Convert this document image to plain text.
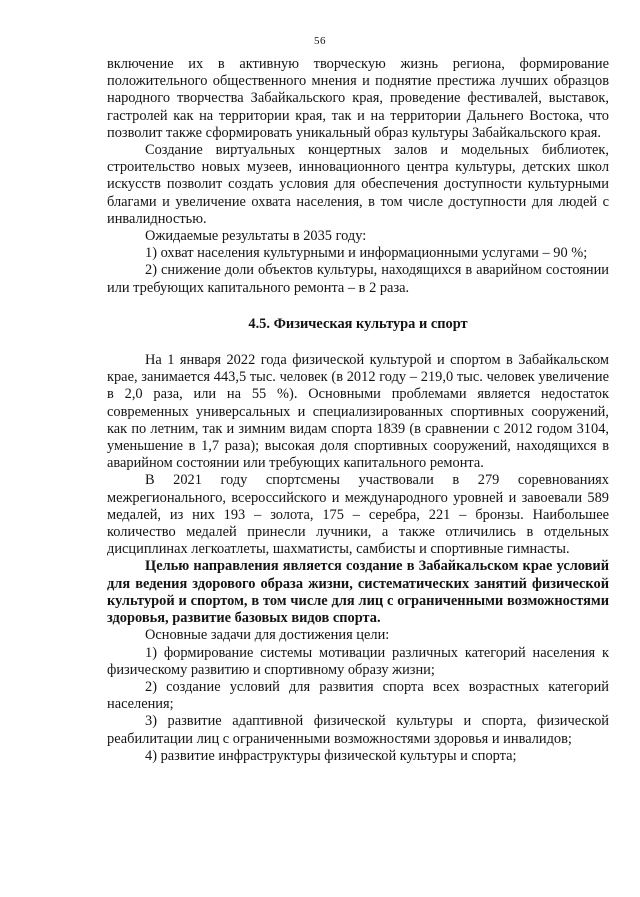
56

включение их в активную творческую жизнь региона, формирование положительного общественного мнения и поднятие престижа лучших образцов народного творчества Забайкальского края, проведение фестивалей, выставок, гастролей как на территории края, так и на территории Дальнего Востока, что позволит также сформировать уникальный образ культуры Забайкальского края.

Создание виртуальных концертных залов и модельных библиотек, строительство новых музеев, инновационного центра культуры, детских школ искусств позволит создать условия для обеспечения доступности культурными благами и увеличение охвата населения, в том числе доступности для людей с инвалидностью.

Ожидаемые результаты в 2035 году:

1) охват населения культурными и информационными услугами – 90 %;

2) снижение доли объектов культуры, находящихся в аварийном состоянии или требующих капитального ремонта – в 2 раза.

4.5. Физическая культура и спорт

На 1 января 2022 года физической культурой и спортом в Забайкальском крае, занимается 443,5 тыс. человек (в 2012 году – 219,0 тыс. человек увеличение в 2,0 раза, или на 55 %). Основными проблемами является недостаток современных универсальных и специализированных спортивных сооружений, как по летним, так и зимним видам спорта 1839 (в сравнении с 2012 годом 3104, уменьшение в 1,7 раза); высокая доля спортивных сооружений, находящихся в аварийном состоянии или требующих капитального ремонта.

В 2021 году спортсмены участвовали в 279 соревнованиях межрегионального, всероссийского и международного уровней и завоевали 589 медалей, из них 193 – золота, 175 – серебра, 221 – бронзы. Наибольшее количество медалей принесли лучники, а также отличились в отдельных дисциплинах легкоатлеты, шахматисты, самбисты и спортивные гимнасты.

Целью направления является создание в Забайкальском крае условий для ведения здорового образа жизни, систематических занятий физической культурой и спортом, в том числе для лиц с ограниченными возможностями здоровья, развитие базовых видов спорта.

Основные задачи для достижения цели:

1) формирование системы мотивации различных категорий населения к физическому развитию и спортивному образу жизни;

2) создание условий для развития спорта всех возрастных категорий населения;

3) развитие адаптивной физической культуры и спорта, физической реабилитации лиц с ограниченными возможностями здоровья и инвалидов;

4) развитие инфраструктуры физической культуры и спорта;
